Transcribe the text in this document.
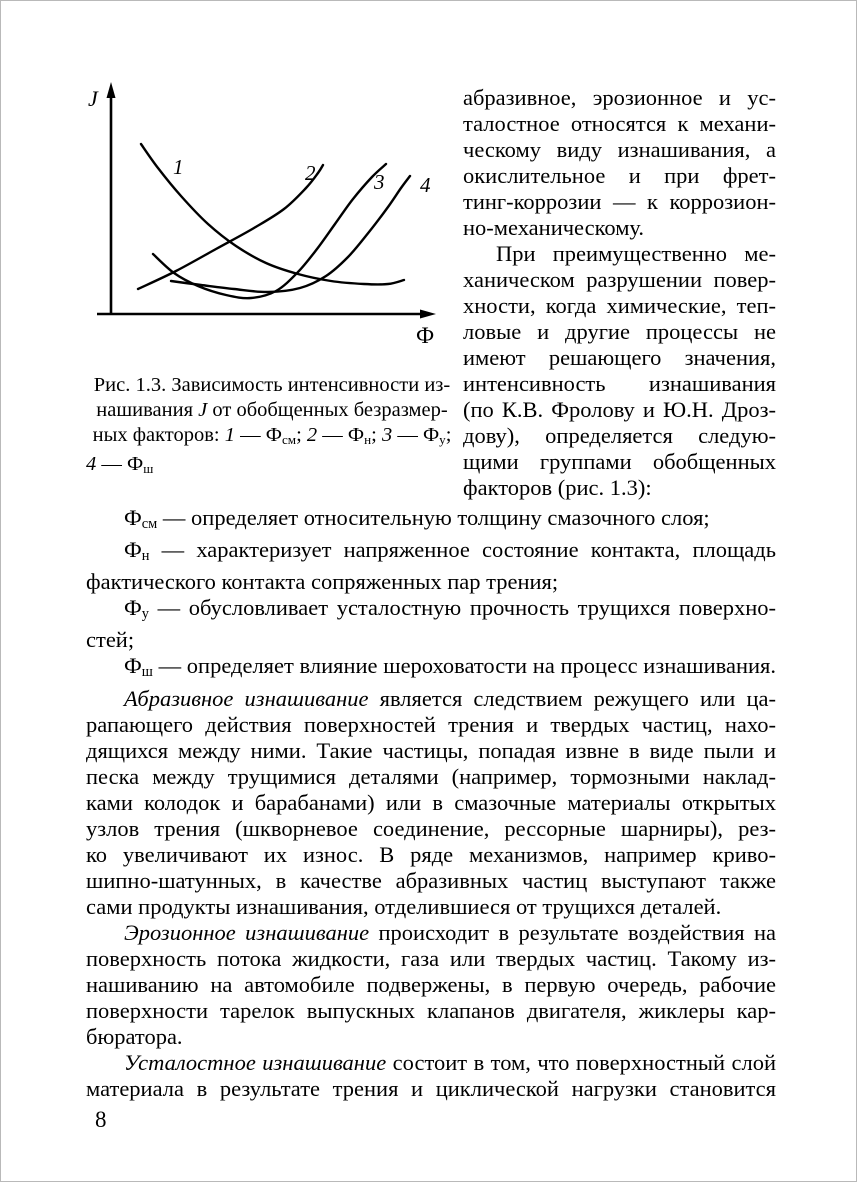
J
Ф
1	2	3 4
Рис. 1.3. Зависимость интенсивности из-
нашивания J от обобщенных безразмер-
ных факторов: 1 — $Ф_{см}$; 2 — $Ф_н$; 3 — $Ф_у$;
4 — $Ф_ш$
абразивное, эрозионное и ус-
талостное относятся к механи-
ческому виду изнашивания, а
окислительное и при фрет-
тинг-коррозии — к коррозион-
но-механическому.
При преимущественно ме-
ханическом разрушении повер-
хности, когда химические, теп-
ловые и другие процессы не
имеют решающего значения,
интенсивность изнашивания
(по К.В. Фролову и Ю.Н. Дроз-
дову), определяется следую-
щими группами обобщенных
факторов (рис. 1.3):
$Ф_{см}$ — определяет относительную толщину смазочного слоя;
$Ф_н$ — характеризует напряженное состояние контакта, площадь
фактического контакта сопряженных пар трения;
$Ф_у$ — обусловливает усталостную прочность трущихся поверхно-
стей;
$Ф_ш$ — определяет влияние шероховатости на процесс изнашивания.
Абразивное изнашивание является следствием режущего или ца-
рапающего действия поверхностей трения и твердых частиц, нахо-
дящихся между ними. Такие частицы, попадая извне в виде пыли и
песка между трущимися деталями (например, тормозными наклад-
ками колодок и барабанами) или в смазочные материалы открытых
узлов трения (шкворневое соединение, рессорные шарниры), рез-
ко увеличивают их износ. В ряде механизмов, например криво-
шипно-шатунных, в качестве абразивных частиц выступают также
сами продукты изнашивания, отделившиеся от трущихся деталей.
Эрозионное изнашивание происходит в результате воздействия на
поверхность потока жидкости, газа или твердых частиц. Такому из-
нашиванию на автомобиле подвержены, в первую очередь, рабочие
поверхности тарелок выпускных клапанов двигателя, жиклеры кар-
бюратора.
Усталостное изнашивание состоит в том, что поверхностный слой
материала в результате трения и циклической нагрузки становится
8
